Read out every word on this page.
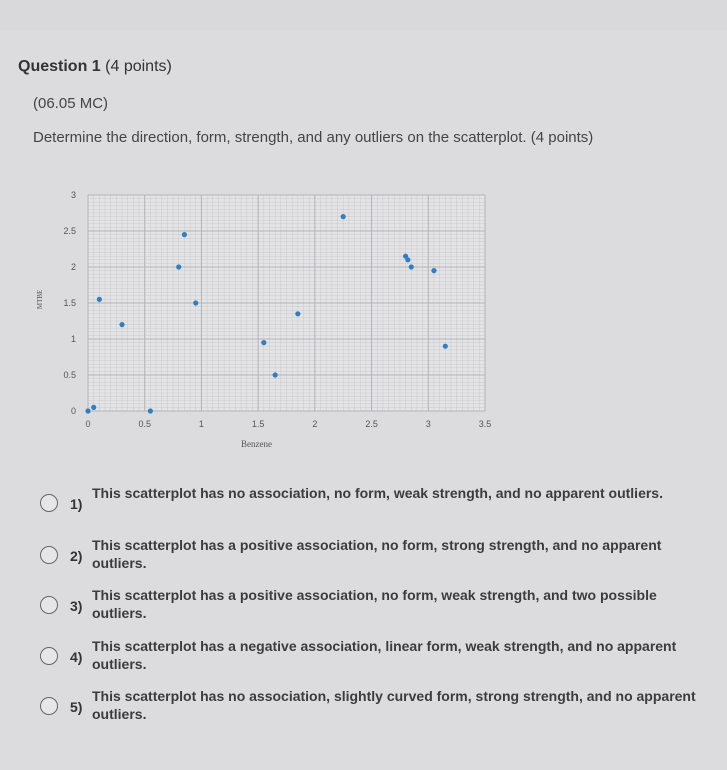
Question 1 (4 points)
(06.05 MC)
Determine the direction, form, strength, and any outliers on the scatterplot. (4 points)
0	0.5	1	1.5	2	2.5	3	3.5
0
0.5
1
1.5
2
2.5
3
Benzene
MTBE
1)
This scatterplot has no association, no form, weak strength, and no apparent outliers.
2)
This scatterplot has a positive association, no form, strong strength, and no apparent outliers.
3)
This scatterplot has a positive association, no form, weak strength, and two possible outliers.
4)
This scatterplot has a negative association, linear form, weak strength, and no apparent outliers.
5)
This scatterplot has no association, slightly curved form, strong strength, and no apparent outliers.
